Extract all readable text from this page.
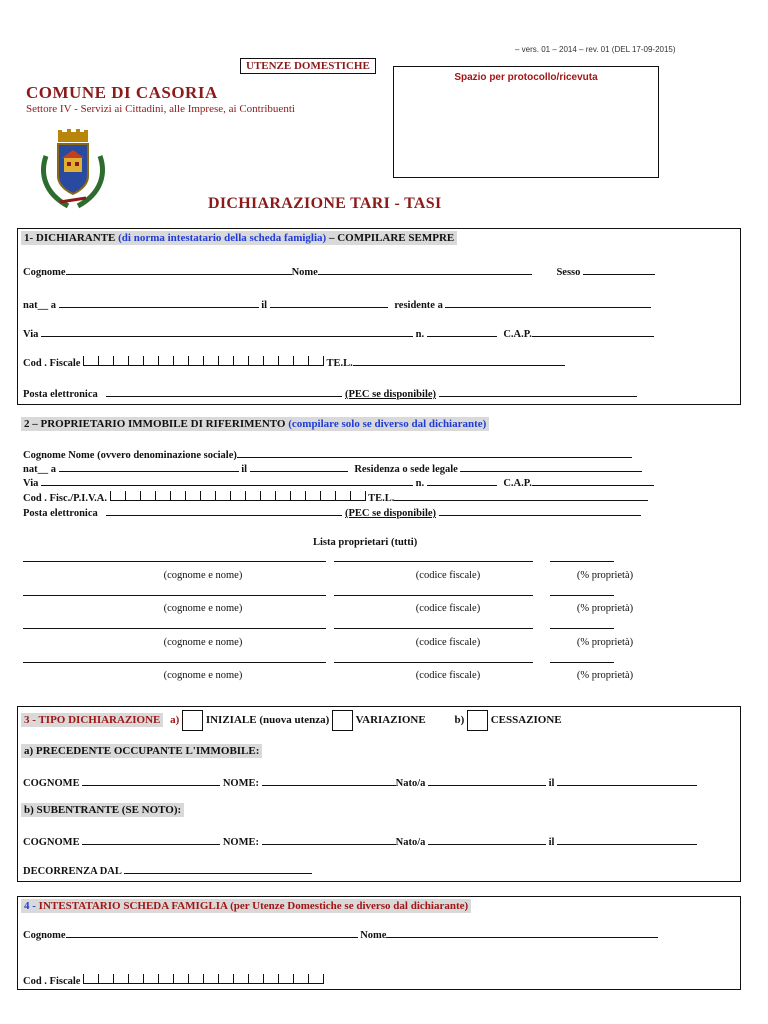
– vers. 01 – 2014 – rev. 01 (DEL 17-09-2015)
UTENZE DOMESTICHE
Spazio per protocollo/ricevuta
COMUNE DI CASORIA
Settore IV - Servizi ai Cittadini, alle Imprese, ai Contribuenti
DICHIARAZIONE TARI - TASI
1- DICHIARANTE (di norma intestatario della scheda famiglia) – COMPILARE SEMPRE
Cognome	Nome	Sesso
nat__ a	il	residente a
Via	n.	C.A.P.
Cod . Fiscale	TE.L.
Posta elettronica	(PEC se disponibile)
2 – PROPRIETARIO IMMOBILE DI RIFERIMENTO (compilare solo se diverso dal dichiarante)
Cognome Nome (ovvero denominazione sociale)
nat__ a	il	Residenza o sede legale
Via	n.	C.A.P.
Cod . Fisc./P.I.V.A.	TE.L.
Posta elettronica	(PEC se disponibile)
Lista proprietari (tutti)
(cognome e nome)	(codice fiscale)	(% proprietà)
(cognome e nome)	(codice fiscale)	(% proprietà)
(cognome e nome)	(codice fiscale)	(% proprietà)
(cognome e nome)	(codice fiscale)	(% proprietà)
3 - TIPO DICHIARAZIONE a) INIZIALE (nuova utenza) VARIAZIONE	b) CESSAZIONE
a) PRECEDENTE OCCUPANTE L'IMMOBILE:
COGNOME	NOME:	Nato/a	il
b) SUBENTRANTE (SE NOTO):
COGNOME	NOME:	Nato/a	il
DECORRENZA DAL
4 - INTESTATARIO SCHEDA FAMIGLIA (per Utenze Domestiche se diverso dal dichiarante)
Cognome	Nome
Cod . Fiscale
